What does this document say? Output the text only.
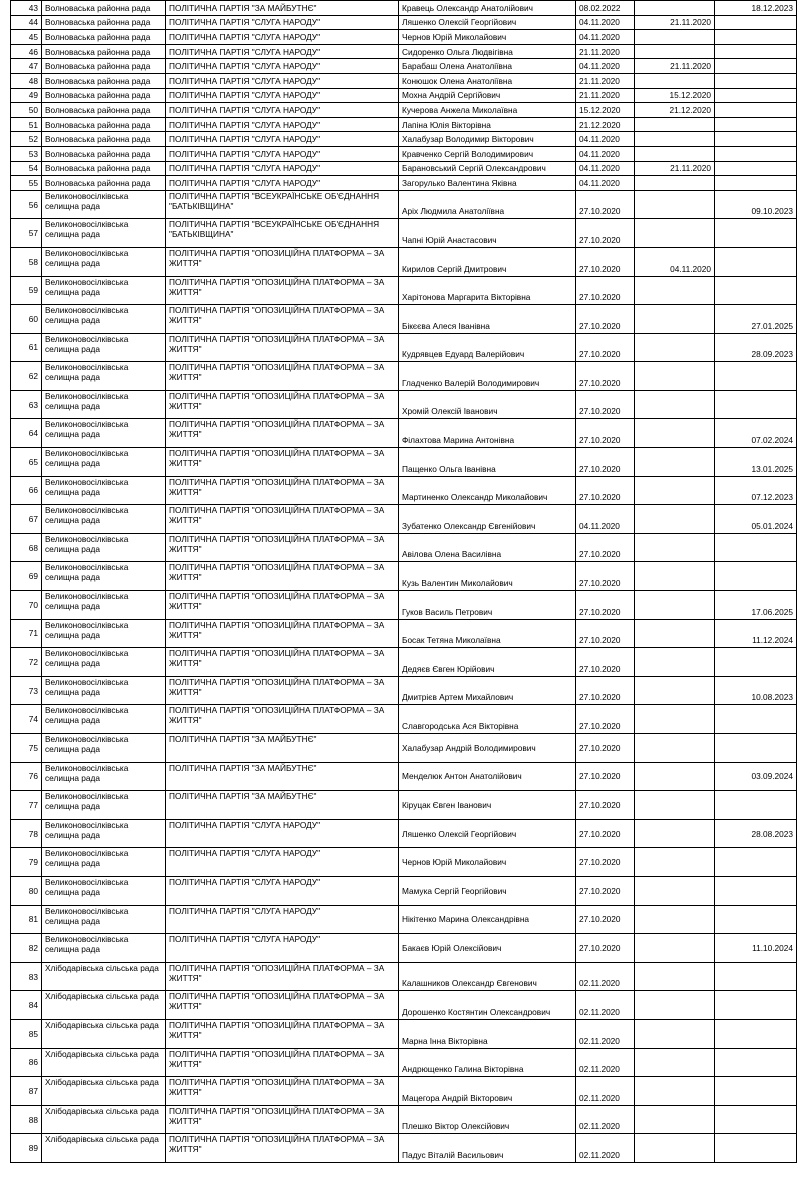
43	Волноваська районна рада	ПОЛІТИЧНА ПАРТІЯ "ЗА МАЙБУТНЄ"	Кравець Олександр Анатолійович	08.02.2022		18.12.2023
44	Волноваська районна рада	ПОЛІТИЧНА ПАРТІЯ "СЛУГА НАРОДУ"	Ляшенко Олексій Георгійович	04.11.2020	21.11.2020	
45	Волноваська районна рада	ПОЛІТИЧНА ПАРТІЯ "СЛУГА НАРОДУ"	Чернов Юрій Миколайович	04.11.2020		
46	Волноваська районна рада	ПОЛІТИЧНА ПАРТІЯ "СЛУГА НАРОДУ"	Сидоренко Ольга Людвігівна	21.11.2020		
47	Волноваська районна рада	ПОЛІТИЧНА ПАРТІЯ "СЛУГА НАРОДУ"	Барабаш Олена Анатоліївна	04.11.2020	21.11.2020	
48	Волноваська районна рада	ПОЛІТИЧНА ПАРТІЯ "СЛУГА НАРОДУ"	Конюшок Олена Анатоліївна	21.11.2020		
49	Волноваська районна рада	ПОЛІТИЧНА ПАРТІЯ "СЛУГА НАРОДУ"	Мохна Андрій Сергійович	21.11.2020	15.12.2020	
50	Волноваська районна рада	ПОЛІТИЧНА ПАРТІЯ "СЛУГА НАРОДУ"	Кучерова Анжела Миколаївна	15.12.2020	21.12.2020	
51	Волноваська районна рада	ПОЛІТИЧНА ПАРТІЯ "СЛУГА НАРОДУ"	Лапіна Юлія Вікторівна	21.12.2020		
52	Волноваська районна рада	ПОЛІТИЧНА ПАРТІЯ "СЛУГА НАРОДУ"	Халабузар Володимир Вікторович	04.11.2020		
53	Волноваська районна рада	ПОЛІТИЧНА ПАРТІЯ "СЛУГА НАРОДУ"	Кравченко Сергій Володимирович	04.11.2020		
54	Волноваська районна рада	ПОЛІТИЧНА ПАРТІЯ "СЛУГА НАРОДУ"	Барановський Сергій Олександрович	04.11.2020	21.11.2020	
55	Волноваська районна рада	ПОЛІТИЧНА ПАРТІЯ "СЛУГА НАРОДУ"	Загорулько Валентина Яківна	04.11.2020		
56	Великоновосілківська селищна рада	ПОЛІТИЧНА ПАРТІЯ "ВСЕУКРАЇНСЬКЕ ОБ'ЄДНАННЯ "БАТЬКІВЩИНА"	Аріх Людмила Анатоліївна	27.10.2020		09.10.2023
57	Великоновосілківська селищна рада	ПОЛІТИЧНА ПАРТІЯ "ВСЕУКРАЇНСЬКЕ ОБ'ЄДНАННЯ "БАТЬКІВЩИНА"	Чапні Юрій Анастасович	27.10.2020		
58	Великоновосілківська селищна рада	ПОЛІТИЧНА ПАРТІЯ "ОПОЗИЦІЙНА ПЛАТФОРМА – ЗА ЖИТТЯ"	Кирилов Сергій Дмитрович	27.10.2020	04.11.2020	
59	Великоновосілківська селищна рада	ПОЛІТИЧНА ПАРТІЯ "ОПОЗИЦІЙНА ПЛАТФОРМА – ЗА ЖИТТЯ"	Харітонова Маргарита Вікторівна	27.10.2020		
60	Великоновосілківська селищна рада	ПОЛІТИЧНА ПАРТІЯ "ОПОЗИЦІЙНА ПЛАТФОРМА – ЗА ЖИТТЯ"	Бікєєва Алеся Іванівна	27.10.2020		27.01.2025
61	Великоновосілківська селищна рада	ПОЛІТИЧНА ПАРТІЯ "ОПОЗИЦІЙНА ПЛАТФОРМА – ЗА ЖИТТЯ"	Кудрявцев Едуард Валерійович	27.10.2020		28.09.2023
62	Великоновосілківська селищна рада	ПОЛІТИЧНА ПАРТІЯ "ОПОЗИЦІЙНА ПЛАТФОРМА – ЗА ЖИТТЯ"	Гладченко Валерій Володимирович	27.10.2020		
63	Великоновосілківська селищна рада	ПОЛІТИЧНА ПАРТІЯ "ОПОЗИЦІЙНА ПЛАТФОРМА – ЗА ЖИТТЯ"	Хромій Олексій Іванович	27.10.2020		
64	Великоновосілківська селищна рада	ПОЛІТИЧНА ПАРТІЯ "ОПОЗИЦІЙНА ПЛАТФОРМА – ЗА ЖИТТЯ"	Філахтова Марина Антонівна	27.10.2020		07.02.2024
65	Великоновосілківська селищна рада	ПОЛІТИЧНА ПАРТІЯ "ОПОЗИЦІЙНА ПЛАТФОРМА – ЗА ЖИТТЯ"	Пащенко Ольга Іванівна	27.10.2020		13.01.2025
66	Великоновосілківська селищна рада	ПОЛІТИЧНА ПАРТІЯ "ОПОЗИЦІЙНА ПЛАТФОРМА – ЗА ЖИТТЯ"	Мартиненко Олександр Миколайович	27.10.2020		07.12.2023
67	Великоновосілківська селищна рада	ПОЛІТИЧНА ПАРТІЯ "ОПОЗИЦІЙНА ПЛАТФОРМА – ЗА ЖИТТЯ"	Зубатенко Олександр Євгенійович	04.11.2020		05.01.2024
68	Великоновосілківська селищна рада	ПОЛІТИЧНА ПАРТІЯ "ОПОЗИЦІЙНА ПЛАТФОРМА – ЗА ЖИТТЯ"	Авілова Олена Василівна	27.10.2020		
69	Великоновосілківська селищна рада	ПОЛІТИЧНА ПАРТІЯ "ОПОЗИЦІЙНА ПЛАТФОРМА – ЗА ЖИТТЯ"	Кузь Валентин Миколайович	27.10.2020		
70	Великоновосілківська селищна рада	ПОЛІТИЧНА ПАРТІЯ "ОПОЗИЦІЙНА ПЛАТФОРМА – ЗА ЖИТТЯ"	Гуков Василь Петрович	27.10.2020		17.06.2025
71	Великоновосілківська селищна рада	ПОЛІТИЧНА ПАРТІЯ "ОПОЗИЦІЙНА ПЛАТФОРМА – ЗА ЖИТТЯ"	Босак Тетяна Миколаївна	27.10.2020		11.12.2024
72	Великоновосілківська селищна рада	ПОЛІТИЧНА ПАРТІЯ "ОПОЗИЦІЙНА ПЛАТФОРМА – ЗА ЖИТТЯ"	Дедяєв Євген Юрійович	27.10.2020		
73	Великоновосілківська селищна рада	ПОЛІТИЧНА ПАРТІЯ "ОПОЗИЦІЙНА ПЛАТФОРМА – ЗА ЖИТТЯ"	Дмитрієв Артем Михайлович	27.10.2020		10.08.2023
74	Великоновосілківська селищна рада	ПОЛІТИЧНА ПАРТІЯ "ОПОЗИЦІЙНА ПЛАТФОРМА – ЗА ЖИТТЯ"	Славгородська Ася Вікторівна	27.10.2020		
75	Великоновосілківська селищна рада	ПОЛІТИЧНА ПАРТІЯ "ЗА МАЙБУТНЄ"	Халабузар Андрій Володимирович	27.10.2020		
76	Великоновосілківська селищна рада	ПОЛІТИЧНА ПАРТІЯ "ЗА МАЙБУТНЄ"	Менделюк Антон Анатолійович	27.10.2020		03.09.2024
77	Великоновосілківська селищна рада	ПОЛІТИЧНА ПАРТІЯ "ЗА МАЙБУТНЄ"	Кіруцак Євген Іванович	27.10.2020		
78	Великоновосілківська селищна рада	ПОЛІТИЧНА ПАРТІЯ "СЛУГА НАРОДУ"	Ляшенко Олексій Георгійович	27.10.2020		28.08.2023
79	Великоновосілківська селищна рада	ПОЛІТИЧНА ПАРТІЯ "СЛУГА НАРОДУ"	Чернов Юрій Миколайович	27.10.2020		
80	Великоновосілківська селищна рада	ПОЛІТИЧНА ПАРТІЯ "СЛУГА НАРОДУ"	Мамука Сергій Георгійович	27.10.2020		
81	Великоновосілківська селищна рада	ПОЛІТИЧНА ПАРТІЯ "СЛУГА НАРОДУ"	Нікітенко Марина Олександрівна	27.10.2020		
82	Великоновосілківська селищна рада	ПОЛІТИЧНА ПАРТІЯ "СЛУГА НАРОДУ"	Бакаєв Юрій Олексійович	27.10.2020		11.10.2024
83	Хлібодарівська сільська рада	ПОЛІТИЧНА ПАРТІЯ "ОПОЗИЦІЙНА ПЛАТФОРМА – ЗА ЖИТТЯ"	Калашников Олександр Євгенович	02.11.2020		
84	Хлібодарівська сільська рада	ПОЛІТИЧНА ПАРТІЯ "ОПОЗИЦІЙНА ПЛАТФОРМА – ЗА ЖИТТЯ"	Дорошенко Костянтин Олександрович	02.11.2020		
85	Хлібодарівська сільська рада	ПОЛІТИЧНА ПАРТІЯ "ОПОЗИЦІЙНА ПЛАТФОРМА – ЗА ЖИТТЯ"	Марна Інна Вікторівна	02.11.2020		
86	Хлібодарівська сільська рада	ПОЛІТИЧНА ПАРТІЯ "ОПОЗИЦІЙНА ПЛАТФОРМА – ЗА ЖИТТЯ"	Андрющенко Галина Вікторівна	02.11.2020		
87	Хлібодарівська сільська рада	ПОЛІТИЧНА ПАРТІЯ "ОПОЗИЦІЙНА ПЛАТФОРМА – ЗА ЖИТТЯ"	Мацегора Андрій Вікторович	02.11.2020		
88	Хлібодарівська сільська рада	ПОЛІТИЧНА ПАРТІЯ "ОПОЗИЦІЙНА ПЛАТФОРМА – ЗА ЖИТТЯ"	Плешко Віктор Олексійович	02.11.2020		
89	Хлібодарівська сільська рада	ПОЛІТИЧНА ПАРТІЯ "ОПОЗИЦІЙНА ПЛАТФОРМА – ЗА ЖИТТЯ"	Падус Віталій Васильович	02.11.2020		
